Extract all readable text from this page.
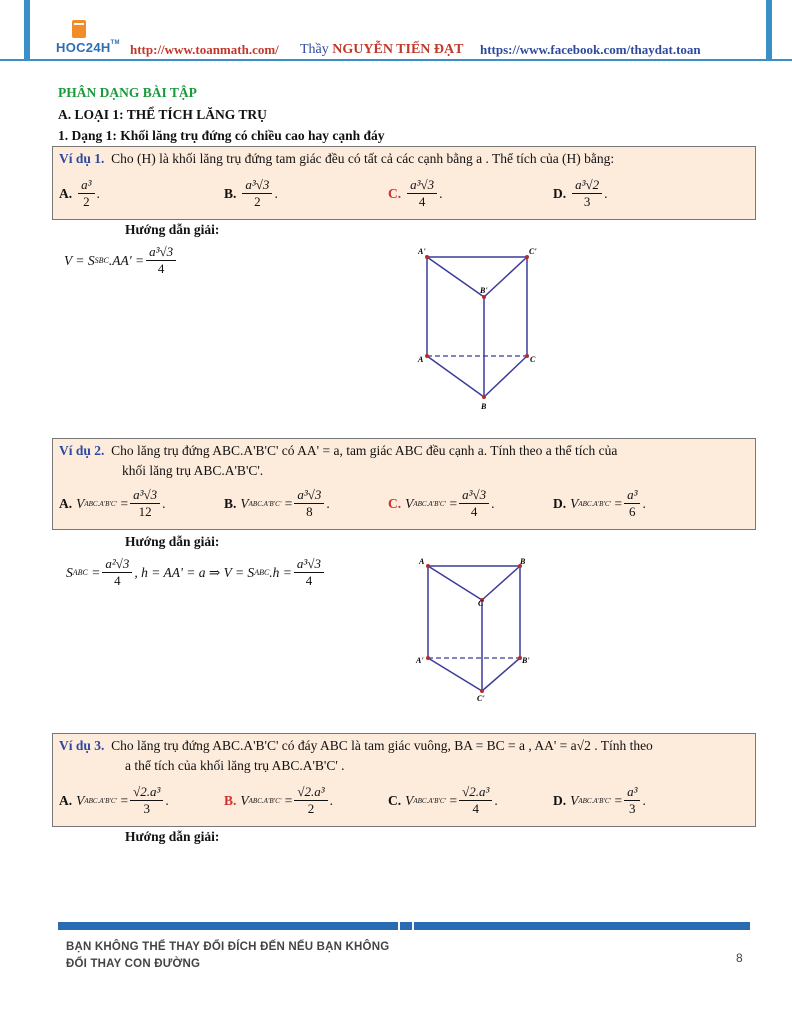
HOC24H™ http://www.toanmath.com/ Thầy NGUYỄN TIẾN ĐẠT https://www.facebook.com/thaydat.toan
PHÂN DẠNG BÀI TẬP
A. LOẠI 1: THỂ TÍCH LĂNG TRỤ
1. Dạng 1: Khối lăng trụ đứng có chiều cao hay cạnh đáy
Ví dụ 1. Cho (H) là khối lăng trụ đứng tam giác đều có tất cả các cạnh bằng a . Thể tích của (H) bằng:
A. $\frac{\text{a³}}{2}$ .	B. $\frac{\text{a³√3}}{2}$ .	C. $\frac{\text{a³√3}}{4}$ .	D. $\frac{\text{a³√2}}{3}$ .
Hướng dẫn giải:
V = S SBC $.AA' = \frac{\text{a³√3}}{4}$	A'	C'
B'
A	C
B
Ví dụ 2. Cho lăng trụ đứng ABC.A'B'C' có AA' = a, tam giác ABC đều cạnh a. Tính theo a thể tích của
khối lăng trụ ABC.A'B'C'.
A. V $ABC.A'B'C' = \frac{\text{a³√3}}{12}$ .	B. V $ABC.A'B'C' = \frac{\text{a³√3}}{8}$ .	C. V $ABC.A'B'C' = \frac{\text{a³√3}}{4}$ .	D. V $ABC.A'B'C' = \frac{\text{a³}}{6}$ .
Hướng dẫn giải:
S ABC
= $\frac{\text{a²√3}}{4}$ , h = AA' = a ⇒ V = S ABC $.h = \frac{\text{a³√3}}{4}$	A	B
C
A'	B'
C'
Ví dụ 3. Cho lăng trụ đứng ABC.A'B'C' có đáy ABC là tam giác vuông, BA = BC = a , AA' = a√2 . Tính theo
a thể tích của khối lăng trụ ABC.A'B'C' .
A. V $ABC.A'B'C' = \frac{\text{√2.a³}}{3}$ .	B. V $ABC.A'B'C' = \frac{\text{√2.a³}}{2}$ .	C. V $ABC.A'B'C' = \frac{\text{√2.a³}}{4}$ .	D. V $ABC.A'B'C' = \frac{\text{a³}}{3}$ .
Hướng dẫn giải:
BẠN KHÔNG THỂ THAY ĐỔI ĐÍCH ĐẾN NẾU BẠN KHÔNG
ĐỔI THAY CON ĐƯỜNG	8
